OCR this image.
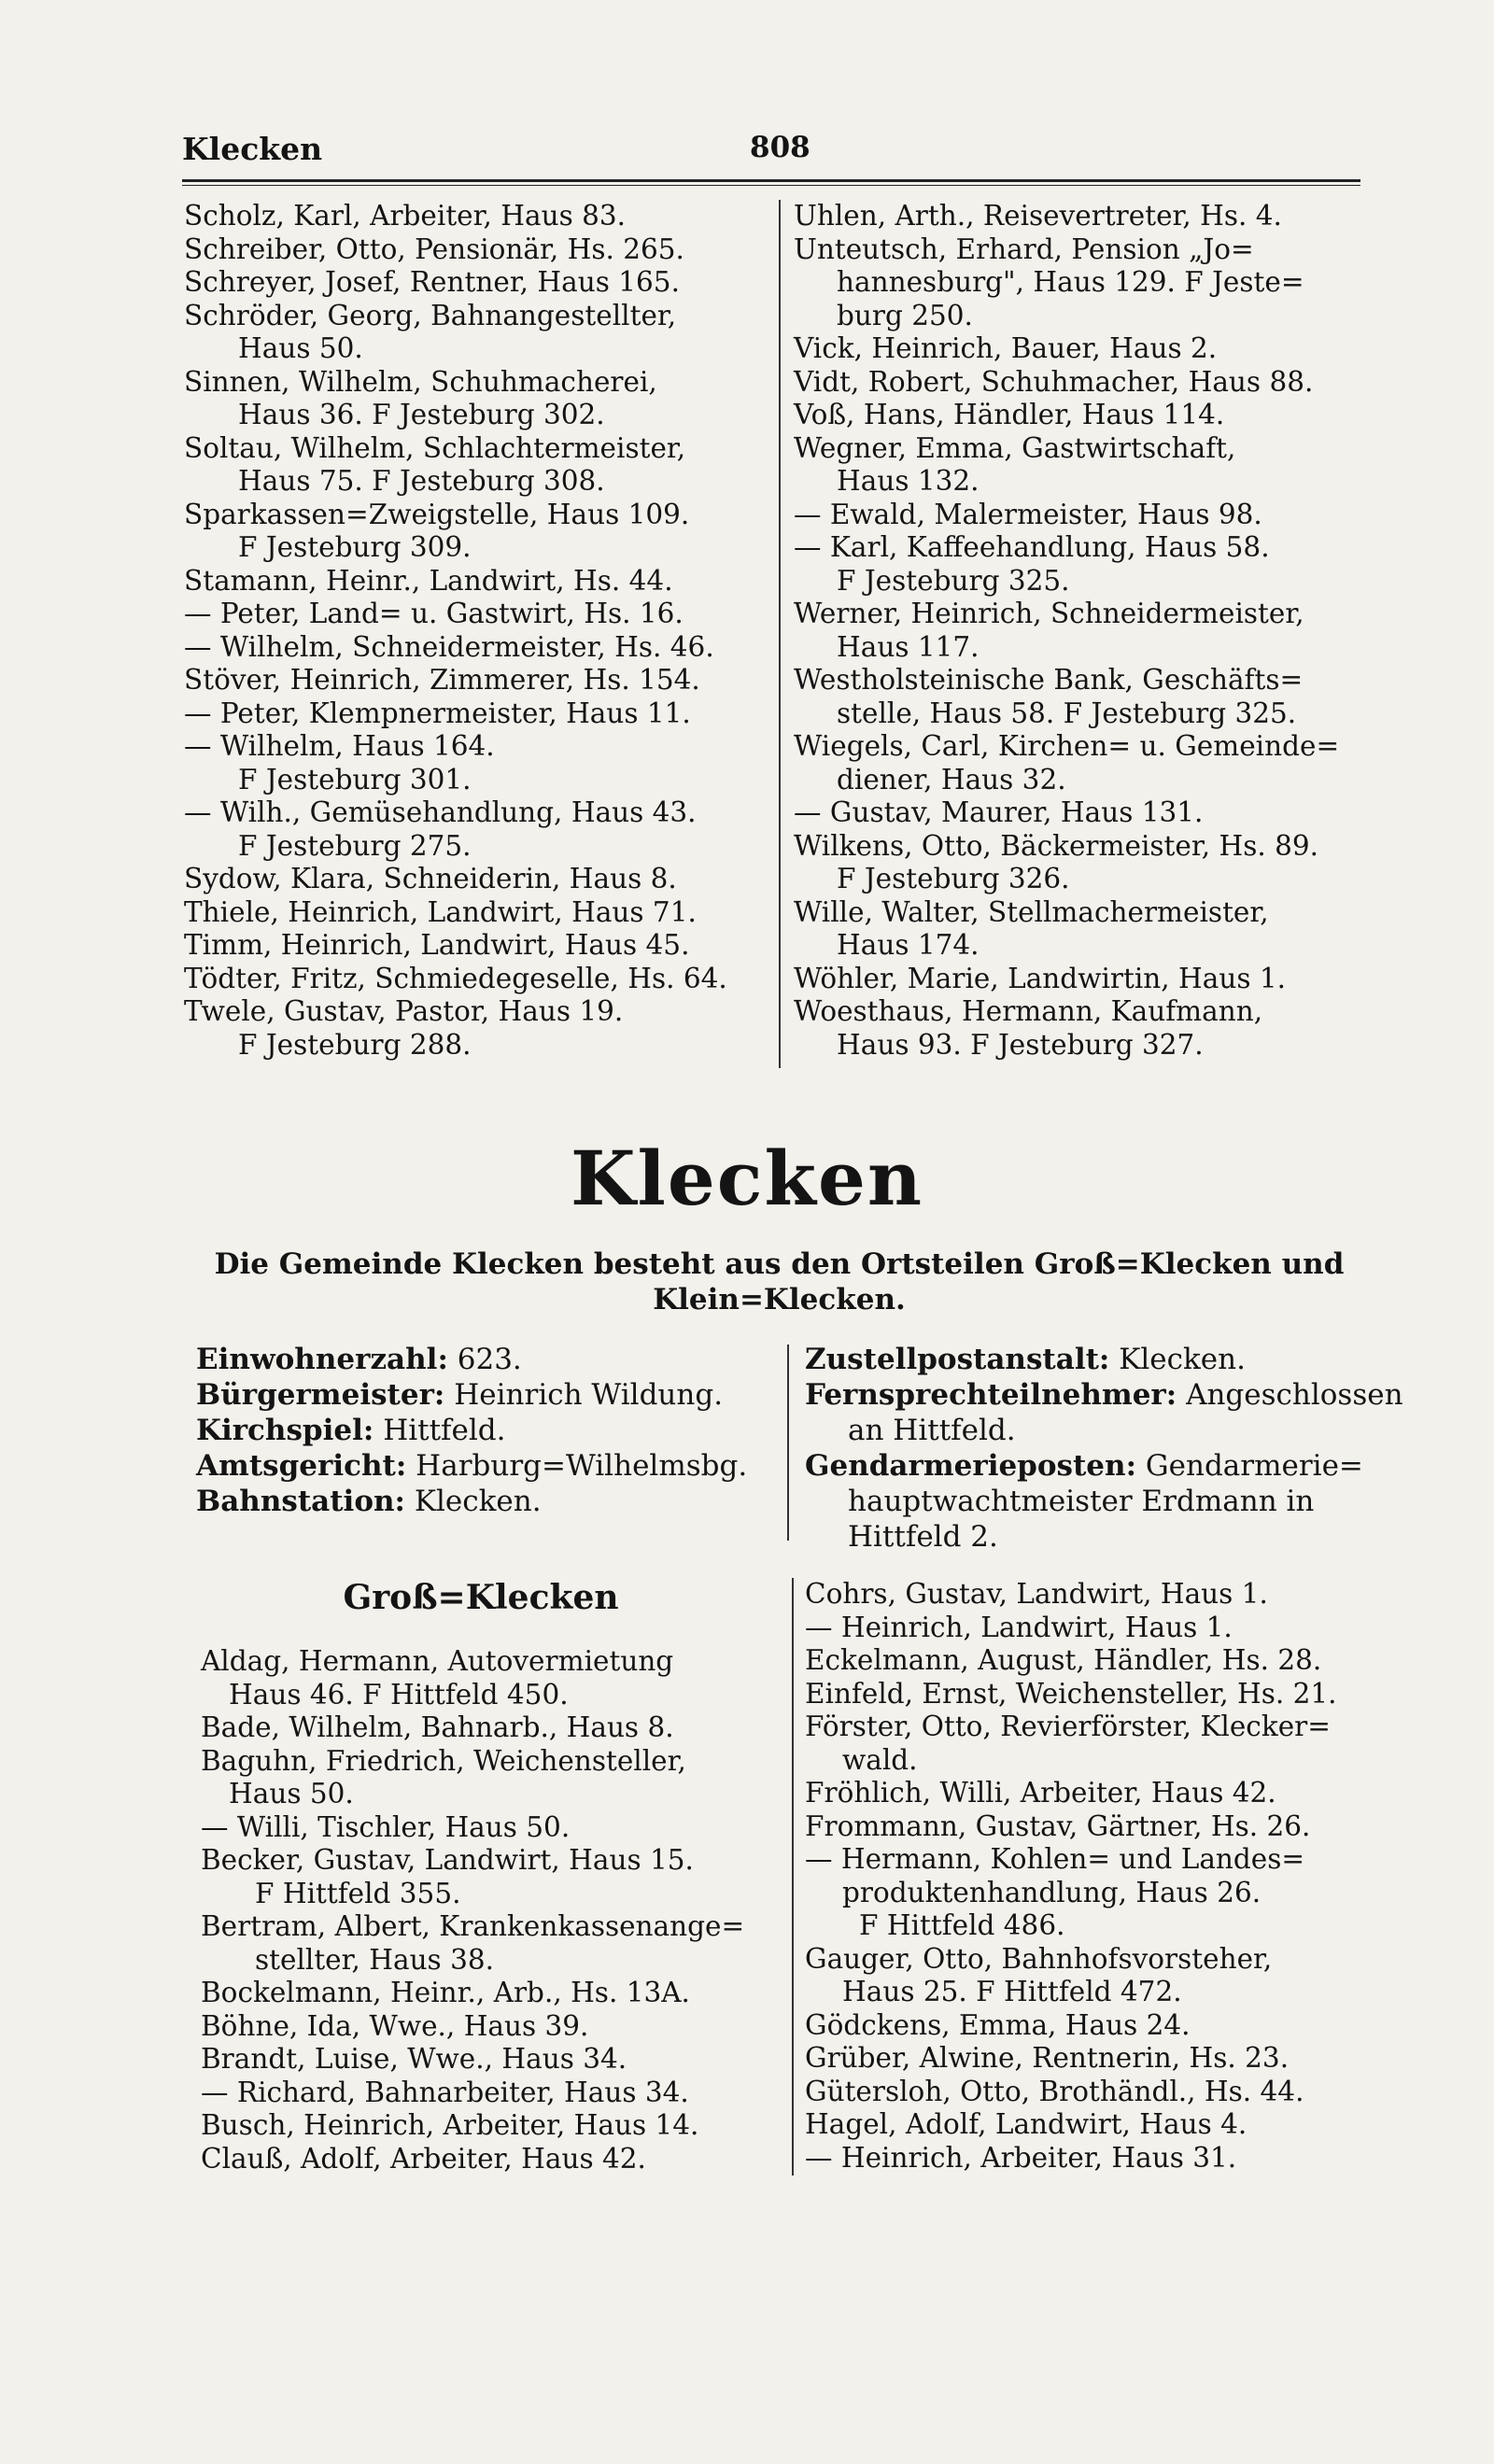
Klecken	808
Scholz, Karl, Arbeiter, Haus 83.
Schreiber, Otto, Pensionär, Hs. 265.
Schreyer, Josef, Rentner, Haus 165.
Schröder, Georg, Bahnangestellter,
Haus 50.
Sinnen, Wilhelm, Schuhmacherei,
Haus 36. F Jesteburg 302.
Soltau, Wilhelm, Schlachtermeister,
Haus 75. F Jesteburg 308.
Sparkassen=Zweigstelle, Haus 109.
F Jesteburg 309.
Stamann, Heinr., Landwirt, Hs. 44.
— Peter, Land= u. Gastwirt, Hs. 16.
— Wilhelm, Schneidermeister, Hs. 46.
Stöver, Heinrich, Zimmerer, Hs. 154.
— Peter, Klempnermeister, Haus 11.
— Wilhelm, Haus 164.
F Jesteburg 301.
— Wilh., Gemüsehandlung, Haus 43.
F Jesteburg 275.
Sydow, Klara, Schneiderin, Haus 8.
Thiele, Heinrich, Landwirt, Haus 71.
Timm, Heinrich, Landwirt, Haus 45.
Tödter, Fritz, Schmiedegeselle, Hs. 64.
Twele, Gustav, Pastor, Haus 19.
F Jesteburg 288.
Uhlen, Arth., Reisevertreter, Hs. 4.
Unteutsch, Erhard, Pension „Jo=
hannesburg", Haus 129. F Jeste=
burg 250.
Vick, Heinrich, Bauer, Haus 2.
Vidt, Robert, Schuhmacher, Haus 88.
Voß, Hans, Händler, Haus 114.
Wegner, Emma, Gastwirtschaft,
Haus 132.
— Ewald, Malermeister, Haus 98.
— Karl, Kaffeehandlung, Haus 58.
F Jesteburg 325.
Werner, Heinrich, Schneidermeister,
Haus 117.
Westholsteinische Bank, Geschäfts=
stelle, Haus 58. F Jesteburg 325.
Wiegels, Carl, Kirchen= u. Gemeinde=
diener, Haus 32.
— Gustav, Maurer, Haus 131.
Wilkens, Otto, Bäckermeister, Hs. 89.
F Jesteburg 326.
Wille, Walter, Stellmachermeister,
Haus 174.
Wöhler, Marie, Landwirtin, Haus 1.
Woesthaus, Hermann, Kaufmann,
Haus 93. F Jesteburg 327.
Klecken
Die Gemeinde Klecken besteht aus den Ortsteilen Groß=Klecken und Klein=Klecken.
Einwohnerzahl: 623.
Bürgermeister: Heinrich Wildung.
Kirchspiel: Hittfeld.
Amtsgericht: Harburg=Wilhelmsbg.
Bahnstation: Klecken.
Zustellpostanstalt: Klecken.
Fernsprechteilnehmer: Angeschlossen
an Hittfeld.
Gendarmerieposten: Gendarmerie=
hauptwachtmeister Erdmann in
Hittfeld 2.
Groß=Klecken
Aldag, Hermann, Autovermietung
Haus 46. F Hittfeld 450.
Bade, Wilhelm, Bahnarb., Haus 8.
Baguhn, Friedrich, Weichensteller,
Haus 50.
— Willi, Tischler, Haus 50.
Becker, Gustav, Landwirt, Haus 15.
F Hittfeld 355.
Bertram, Albert, Krankenkassenange=
stellter, Haus 38.
Bockelmann, Heinr., Arb., Hs. 13A.
Böhne, Ida, Wwe., Haus 39.
Brandt, Luise, Wwe., Haus 34.
— Richard, Bahnarbeiter, Haus 34.
Busch, Heinrich, Arbeiter, Haus 14.
Clauß, Adolf, Arbeiter, Haus 42.
Cohrs, Gustav, Landwirt, Haus 1.
— Heinrich, Landwirt, Haus 1.
Eckelmann, August, Händler, Hs. 28.
Einfeld, Ernst, Weichensteller, Hs. 21.
Förster, Otto, Revierförster, Klecker=
wald.
Fröhlich, Willi, Arbeiter, Haus 42.
Frommann, Gustav, Gärtner, Hs. 26.
— Hermann, Kohlen= und Landes=
produktenhandlung, Haus 26.
F Hittfeld 486.
Gauger, Otto, Bahnhofsvorsteher,
Haus 25. F Hittfeld 472.
Gödckens, Emma, Haus 24.
Grüber, Alwine, Rentnerin, Hs. 23.
Gütersloh, Otto, Brothändl., Hs. 44.
Hagel, Adolf, Landwirt, Haus 4.
— Heinrich, Arbeiter, Haus 31.
